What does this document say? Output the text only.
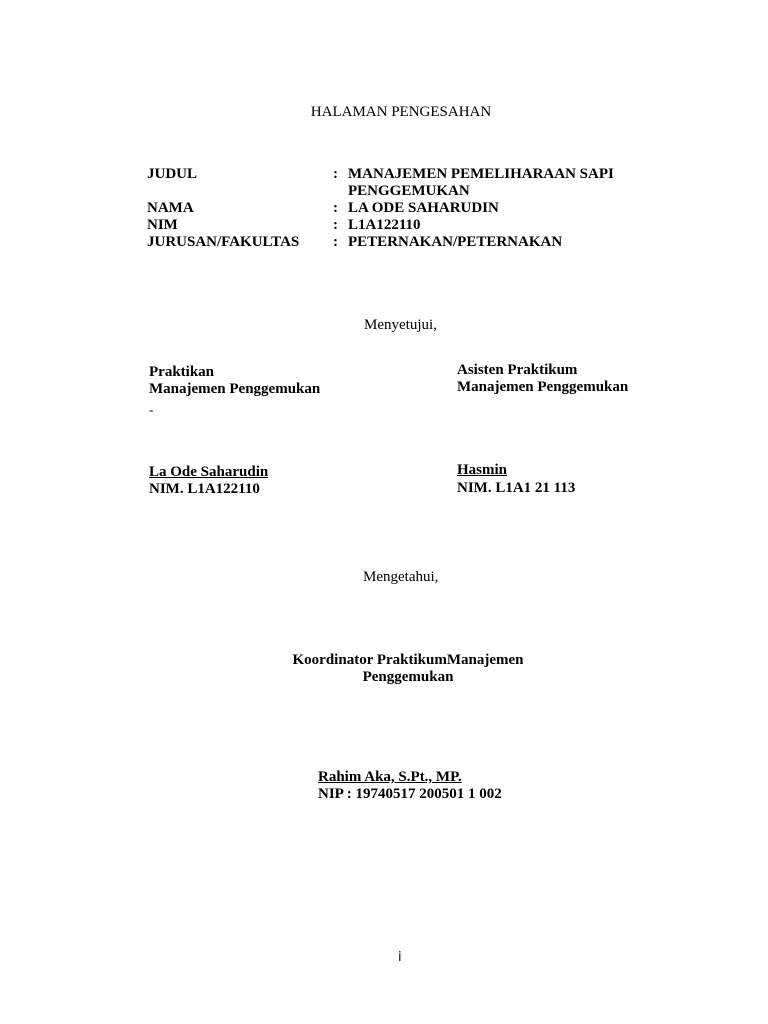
HALAMAN PENGESAHAN
JUDUL	: MANAJEMEN PEMELIHARAAN SAPI
PENGGEMUKAN
NAMA	: LA ODE SAHARUDIN
NIM	: L1A122110
JURUSAN/FAKULTAS : PETERNAKAN/PETERNAKAN
Menyetujui,
Praktikan
Manajemen Penggemukan
-
La Ode Saharudin
NIM. L1A122110
Asisten Praktikum
Manajemen Penggemukan
Hasmin
NIM. L1A1 21 113
Mengetahui,
Koordinator PraktikumManajemen
Penggemukan
Rahim Aka, S.Pt., MP.
NIP : 19740517 200501 1 002
i
